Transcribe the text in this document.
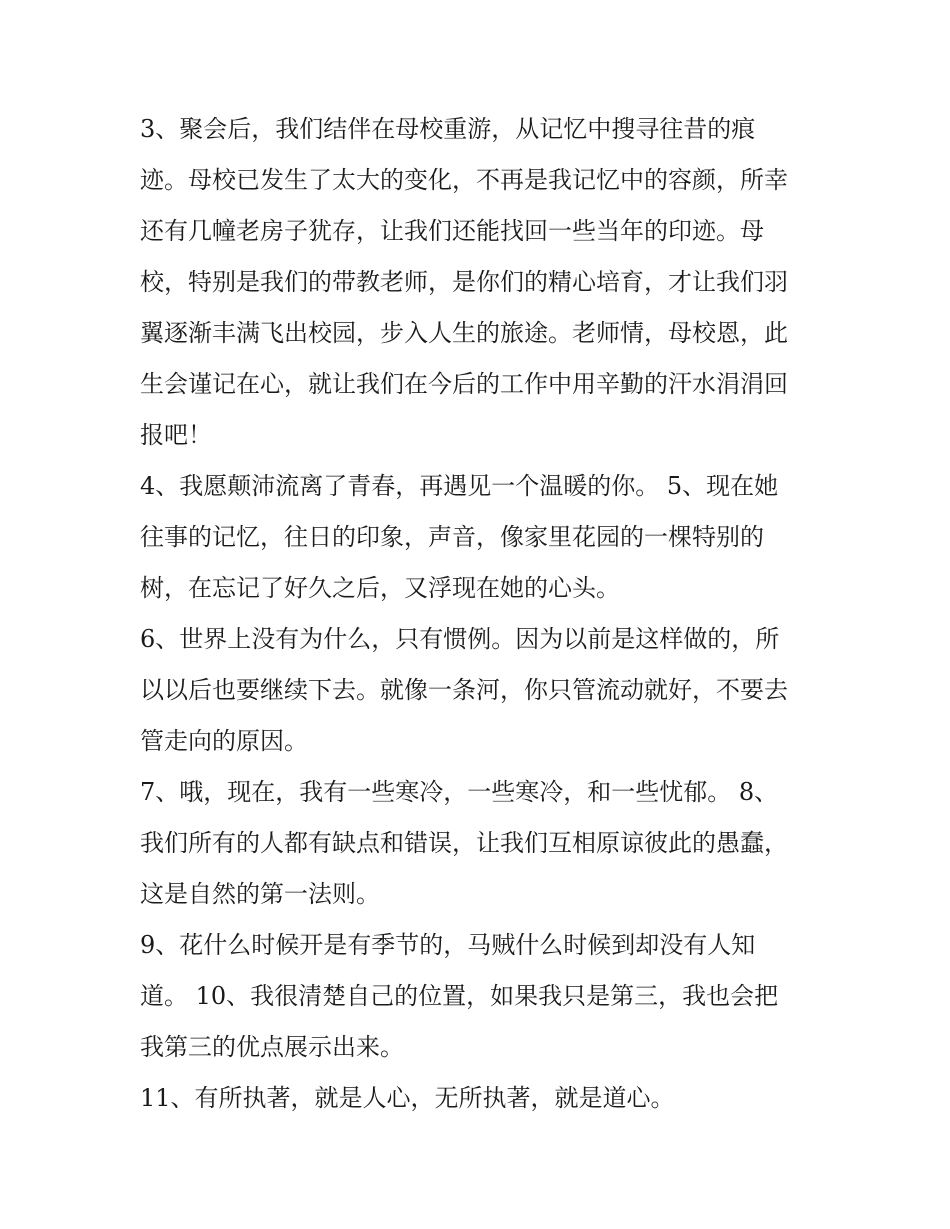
3、聚会后，我们结伴在母校重游，从记忆中搜寻往昔的痕
迹。母校已发生了太大的变化，不再是我记忆中的容颜，所幸
还有几幢老房子犹存，让我们还能找回一些当年的印迹。母
校，特别是我们的带教老师，是你们的精心培育，才让我们羽
翼逐渐丰满飞出校园，步入人生的旅途。老师情，母校恩，此
生会谨记在心，就让我们在今后的工作中用辛勤的汗水涓涓回
报吧！
4、我愿颠沛流离了青春，再遇见一个温暖的你。 5、现在她
往事的记忆，往日的印象，声音，像家里花园的一棵特别的
树，在忘记了好久之后，又浮现在她的心头。
6、世界上没有为什么，只有惯例。因为以前是这样做的，所
以以后也要继续下去。就像一条河，你只管流动就好，不要去
管走向的原因。
7、哦，现在，我有一些寒冷，一些寒冷，和一些忧郁。 8、
我们所有的人都有缺点和错误，让我们互相原谅彼此的愚蠢，
这是自然的第一法则。
9、花什么时候开是有季节的，马贼什么时候到却没有人知
道。 10、我很清楚自己的位置，如果我只是第三，我也会把
我第三的优点展示出来。
11、有所执著，就是人心，无所执著，就是道心。
